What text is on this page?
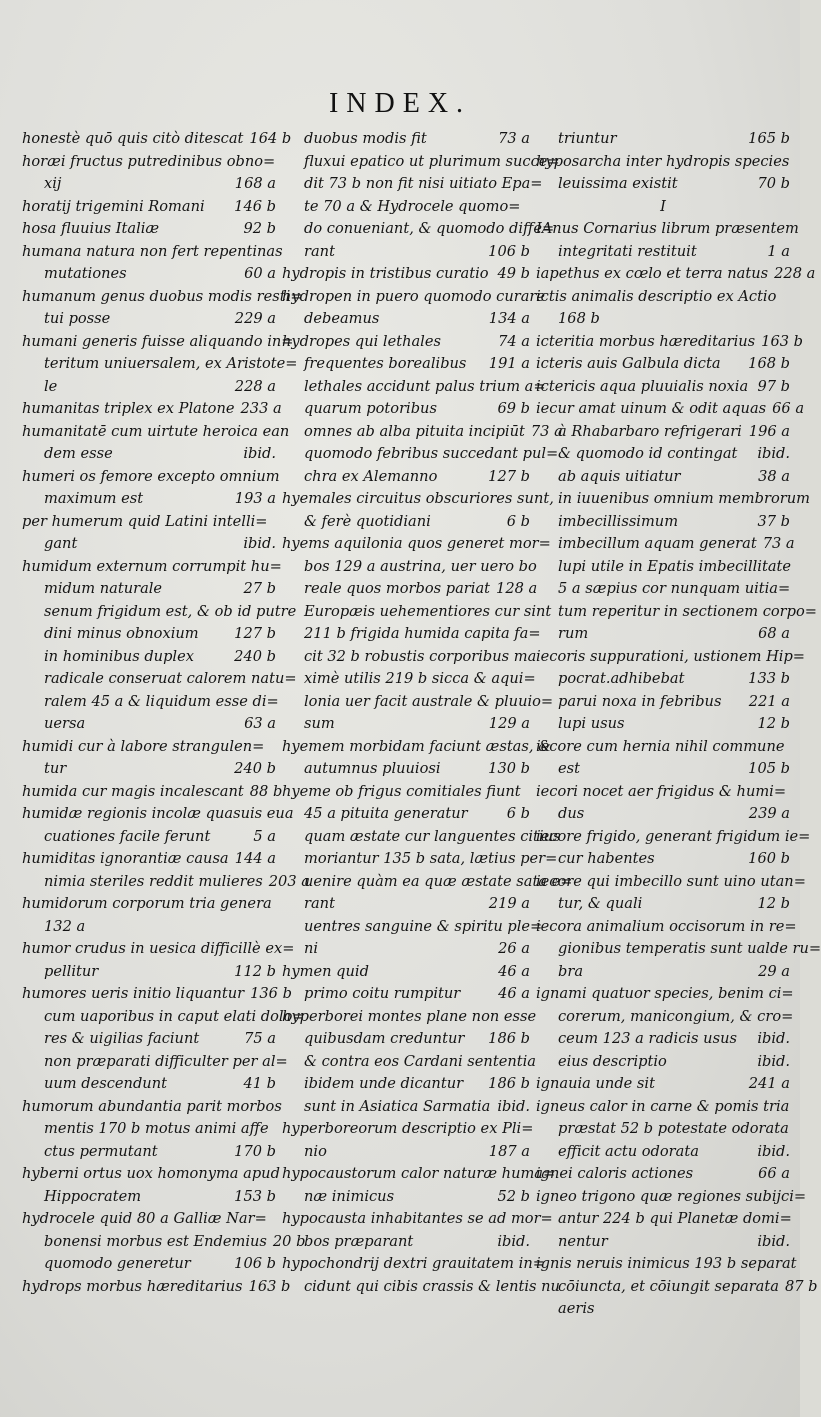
INDEX.
honestè quō quis citò ditescat 164 b
horæi fructus putredinibus obno=
xij	168 a
horatij trigemini Romani	146 b
hosa fluuius Italiæ	92 b
humana natura non fert repentinas
mutationes	60 a
humanum genus duobus modis resti=
tui posse	229 a
humani generis fuisse aliquando in=
teritum uniuersalem, ex Aristote=
le	228 a
humanitas triplex ex Platone 233 a
humanitatē cum uirtute heroica ean
dem esse	ibid.
humeri os femore excepto omnium
maximum est	193 a
per humerum quid Latini intelli=
gant	ibid.
humidum externum corrumpit hu=
midum naturale	27 b
senum frigidum est, & ob id putre
dini minus obnoxium	127 b
in hominibus duplex	240 b
radicale conseruat calorem natu=
ralem 45 a & liquidum esse di=
uersa	63 a
humidi cur à labore strangulen=
tur	240 b
humida cur magis incalescant 88 b
humidæ regionis incolæ quasuis eua
cuationes facile ferunt	5 a
humiditas ignorantiæ causa 144 a
nimia steriles reddit mulieres 203 a
humidorum corporum tria genera
132 a
humor crudus in uesica difficillè ex=
pellitur	112 b
humores ueris initio liquantur 136 b
cum uaporibus in caput elati dolo=
res & uigilias faciunt	75 a
non præparati difficulter per al=
uum descendunt	41 b
humorum abundantia parit morbos
mentis 170 b motus animi affe
ctus permutant	170 b
hyberni ortus uox homonyma apud
Hippocratem	153 b
hydrocele quid 80 a Galliæ Nar=
bonensi morbus est Endemius 20 b
quomodo generetur	106 b
hydrops morbus hæreditarius 163 b
duobus modis fit	73 a
fluxui epatico ut plurimum succe=
dit 73 b non fit nisi uitiato Epa=
te 70 a & Hydrocele quomo=
do conueniant, & quomodo diffe=
rant	106 b
hydropis in tristibus curatio 49 b
hydropen in puero quomodo curare
debeamus	134 a
hydropes qui lethales	74 a
frequentes borealibus	191 a
lethales accidunt palus trium a=
quarum potoribus	69 b
omnes ab alba pituita incipiūt 73 a
quomodo febribus succedant pul=
chra ex Alemanno	127 b
hyemales circuitus obscuriores sunt,
& ferè quotidiani	6 b
hyems aquilonia quos generet mor=
bos 129 a austrina, uer uero bo
reale quos morbos pariat 128 a
Europæis uehementiores cur sint
211 b frigida humida capita fa=
cit 32 b robustis corporibus ma
ximè utilis 219 b sicca & aqui=
lonia uer facit australe & pluuio=
sum	129 a
hyemem morbidam faciunt æstas, &
autumnus pluuiosi	130 b
hyeme ob frigus comitiales fiunt
45 a pituita generatur	6 b
quam æstate cur languentes citius
moriantur 135 b sata, lætius per=
uenire quàm ea quæ æstate sata e=
rant	219 a
uentres sanguine & spiritu ple=
ni	26 a
hymen quid	46 a
primo coitu rumpitur	46 a
hyperborei montes plane non esse
quibusdam creduntur	186 b
& contra eos Cardani sententia
ibidem unde dicantur	186 b
sunt in Asiatica Sarmatia ibid.
hyperboreorum descriptio ex Pli=
nio	187 a
hypocaustorum calor naturæ huma=
næ inimicus	52 b
hypocausta inhabitantes se ad mor=
bos præparant	ibid.
hypochondrij dextri grauitatem in=
cidunt qui cibis crassis & lentis nu
triuntur	165 b
hyposarcha inter hydropis species
leuissima existit	70 b
I
IAnus Cornarius librum præsentem
integritati restituit	1 a
iapethus ex cœlo et terra natus 228 a
ictis animalis descriptio ex Actio
168 b
icteritia morbus hæreditarius 163 b
icteris auis Galbula dicta	168 b
ictericis aqua pluuialis noxia 97 b
iecur amat uinum & odit aquas 66 a
à Rhabarbaro refrigerari 196 a
& quomodo id contingat	ibid.
ab aquis uitiatur	38 a
in iuuenibus omnium membrorum
imbecillissimum	37 b
imbecillum aquam generat 73 a
lupi utile in Epatis imbecillitate
5 a sæpius cor nunquam uitia=
tum reperitur in sectionem corpo=
rum	68 a
iecoris suppurationi, ustionem Hip=
pocrat.adhibebat	133 b
parui noxa in febribus	221 a
lupi usus	12 b
iecore cum hernia nihil commune
est	105 b
iecori nocet aer frigidus & humi=
dus	239 a
iecore frigido, generant frigidum ie=
cur habentes	160 b
iecore qui imbecillo sunt uino utan=
tur, & quali	12 b
iecora animalium occisorum in re=
gionibus temperatis sunt ualde ru=
bra	29 a
ignami quatuor species, benim ci=
corerum, manicongium, & cro=
ceum 123 a radicis usus	ibid.
eius descriptio	ibid.
ignauia unde sit	241 a
igneus calor in carne & pomis tria
præstat 52 b potestate odorata
efficit actu odorata	ibid.
ignei caloris actiones	66 a
igneo trigono quæ regiones subijci=
antur 224 b qui Planetæ domi=
nentur	ibid.
ignis neruis inimicus 193 b separat
cōiuncta, et cōiungit separata 87 b
aeris
